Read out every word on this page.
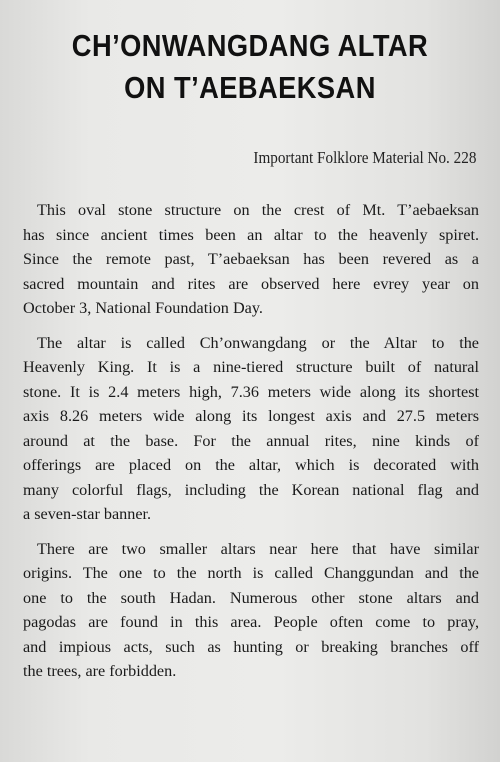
CH’ONWANGDANG ALTAR
ON T’AEBAEKSAN

Important Folklore Material No. 228

This oval stone structure on the crest of Mt. T’aebaeksan
has since ancient times been an altar to the heavenly spiret.
Since the remote past, T’aebaeksan has been revered as a
sacred mountain and rites are observed here evrey year on
October 3, National Foundation Day.
The altar is called Ch’onwangdang or the Altar to the
Heavenly King. It is a nine-tiered structure built of natural
stone. It is 2.4 meters high, 7.36 meters wide along its shortest
axis 8.26 meters wide along its longest axis and 27.5 meters
around at the base. For the annual rites, nine kinds of
offerings are placed on the altar, which is decorated with
many colorful flags, including the Korean national flag and
a seven-star banner.
There are two smaller altars near here that have similar
origins. The one to the north is called Changgundan and the
one to the south Hadan. Numerous other stone altars and
pagodas are found in this area. People often come to pray,
and impious acts, such as hunting or breaking branches off
the trees, are forbidden.
